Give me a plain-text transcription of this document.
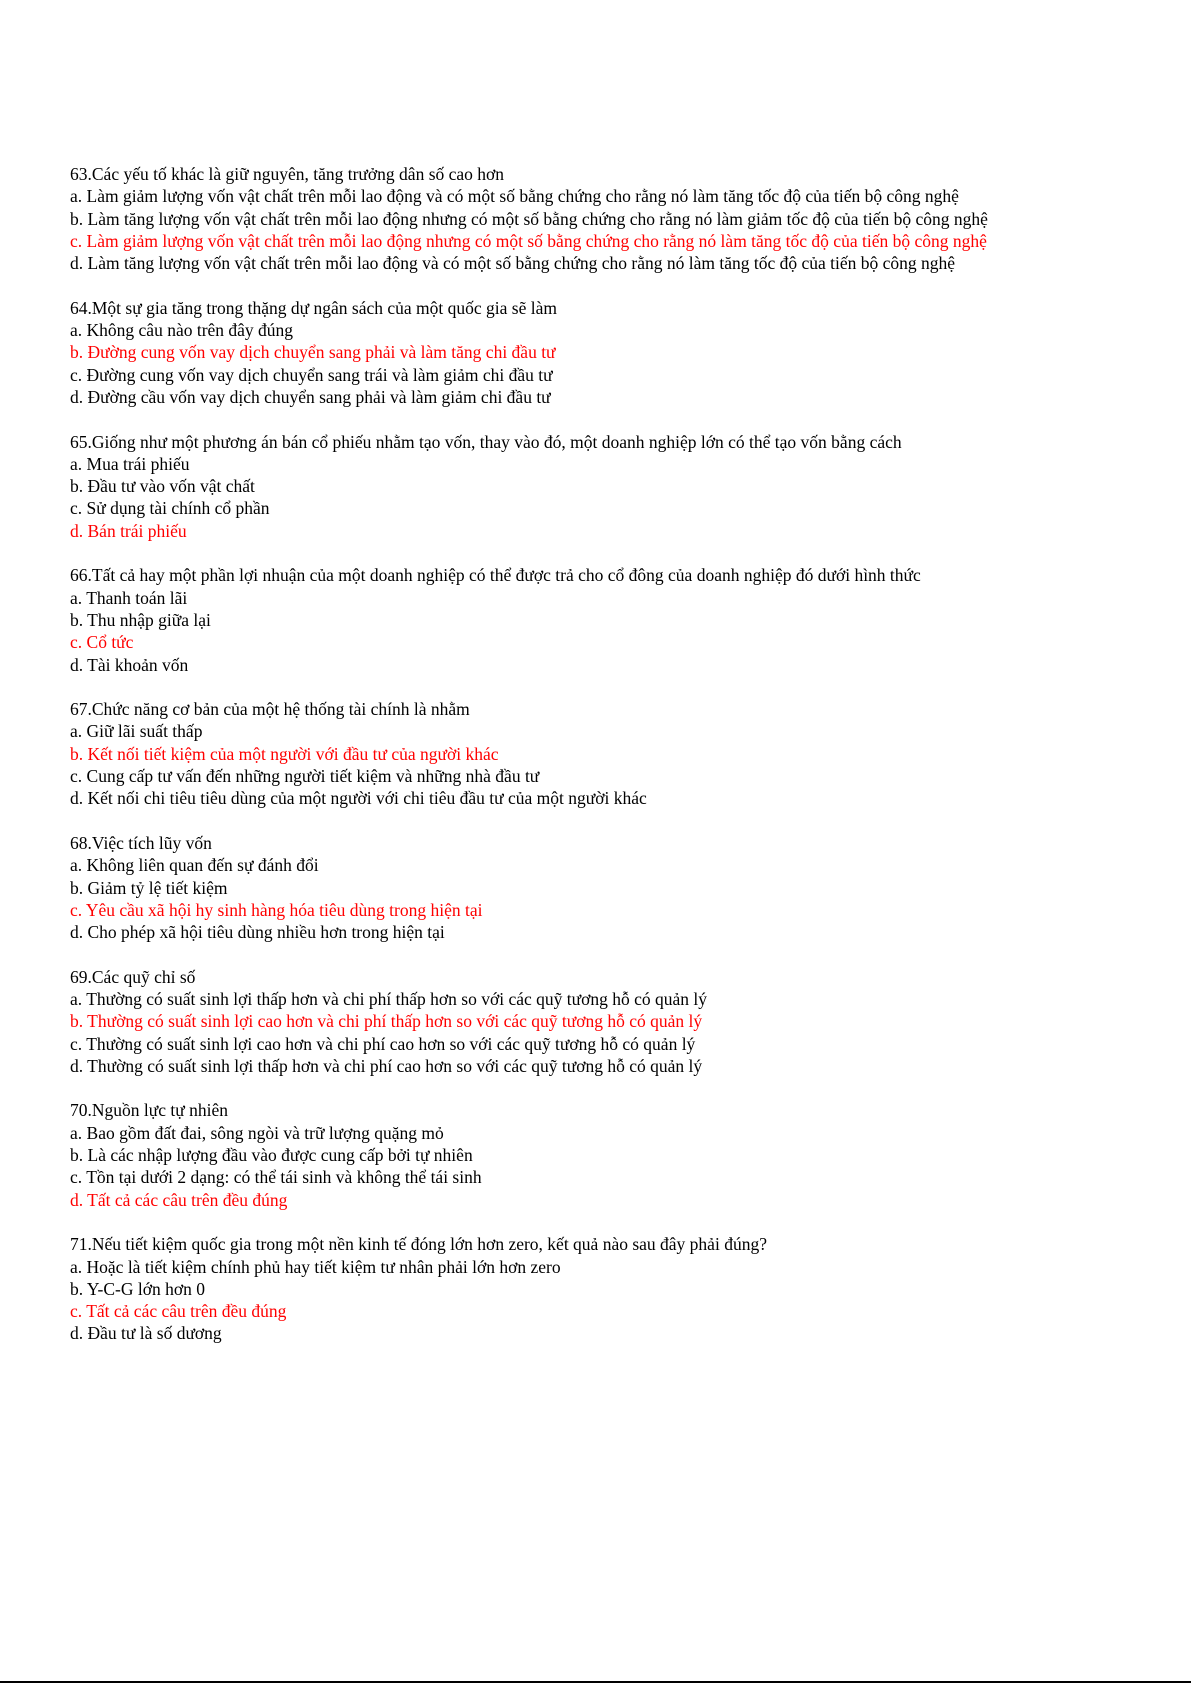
63.Các yếu tố khác là giữ nguyên, tăng trưởng dân số cao hơn

a. Làm giảm lượng vốn vật chất trên mỗi lao động và có một số bằng chứng cho rằng nó làm tăng tốc độ của tiến bộ công nghệ

b. Làm tăng lượng vốn vật chất trên mỗi lao động nhưng có một số bằng chứng cho rằng nó làm giảm tốc độ của tiến bộ công nghệ

c. Làm giảm lượng vốn vật chất trên mỗi lao động nhưng có một số bằng chứng cho rằng nó làm tăng tốc độ của tiến bộ công nghệ

d. Làm tăng lượng vốn vật chất trên mỗi lao động và có một số bằng chứng cho rằng nó làm tăng tốc độ của tiến bộ công nghệ

64.Một sự gia tăng trong thặng dự ngân sách của một quốc gia sẽ làm

a. Không câu nào trên đây đúng

b. Đường cung vốn vay dịch chuyển sang phải và làm tăng chi đầu tư

c. Đường cung vốn vay dịch chuyển sang trái và làm giảm chi đầu tư

d. Đường cầu vốn vay dịch chuyển sang phải và làm giảm chi đầu tư

65.Giống như một phương án bán cổ phiếu nhằm tạo vốn, thay vào đó, một doanh nghiệp lớn có thể tạo vốn bằng cách

a. Mua trái phiếu

b. Đầu tư vào vốn vật chất

c. Sử dụng tài chính cổ phần

d. Bán trái phiếu

66.Tất cả hay một phần lợi nhuận của một doanh nghiệp có thể được trả cho cổ đông của doanh nghiệp đó dưới hình thức

a. Thanh toán lãi

b. Thu nhập giữa lại

c. Cổ tức

d. Tài khoản vốn

67.Chức năng cơ bản của một hệ thống tài chính là nhằm

a. Giữ lãi suất thấp

b. Kết nối tiết kiệm của một người với đầu tư của người khác

c. Cung cấp tư vấn đến những người tiết kiệm và những nhà đầu tư

d. Kết nối chi tiêu tiêu dùng của một người với chi tiêu đầu tư của một người khác

68.Việc tích lũy vốn

a. Không liên quan đến sự đánh đổi

b. Giảm tỷ lệ tiết kiệm

c. Yêu cầu xã hội hy sinh hàng hóa tiêu dùng trong hiện tại

d. Cho phép xã hội tiêu dùng nhiều hơn trong hiện tại

69.Các quỹ chỉ số

a. Thường có suất sinh lợi thấp hơn và chi phí thấp hơn so với các quỹ tương hỗ có quản lý

b. Thường có suất sinh lợi cao hơn và chi phí thấp hơn so với các quỹ tương hỗ có quản lý

c. Thường có suất sinh lợi cao hơn và chi phí cao hơn so với các quỹ tương hỗ có quản lý

d. Thường có suất sinh lợi thấp hơn và chi phí cao hơn so với các quỹ tương hỗ có quản lý

70.Nguồn lực tự nhiên

a. Bao gồm đất đai, sông ngòi và trữ lượng quặng mỏ

b. Là các nhập lượng đầu vào được cung cấp bởi tự nhiên

c. Tồn tại dưới 2 dạng: có thể tái sinh và không thể tái sinh

d. Tất cả các câu trên đều đúng

71.Nếu tiết kiệm quốc gia trong một nền kinh tế đóng lớn hơn zero, kết quả nào sau đây phải đúng?

a. Hoặc là tiết kiệm chính phủ hay tiết kiệm tư nhân phải lớn hơn zero

b. Y-C-G lớn hơn 0

c. Tất cả các câu trên đều đúng

d. Đầu tư là số dương
